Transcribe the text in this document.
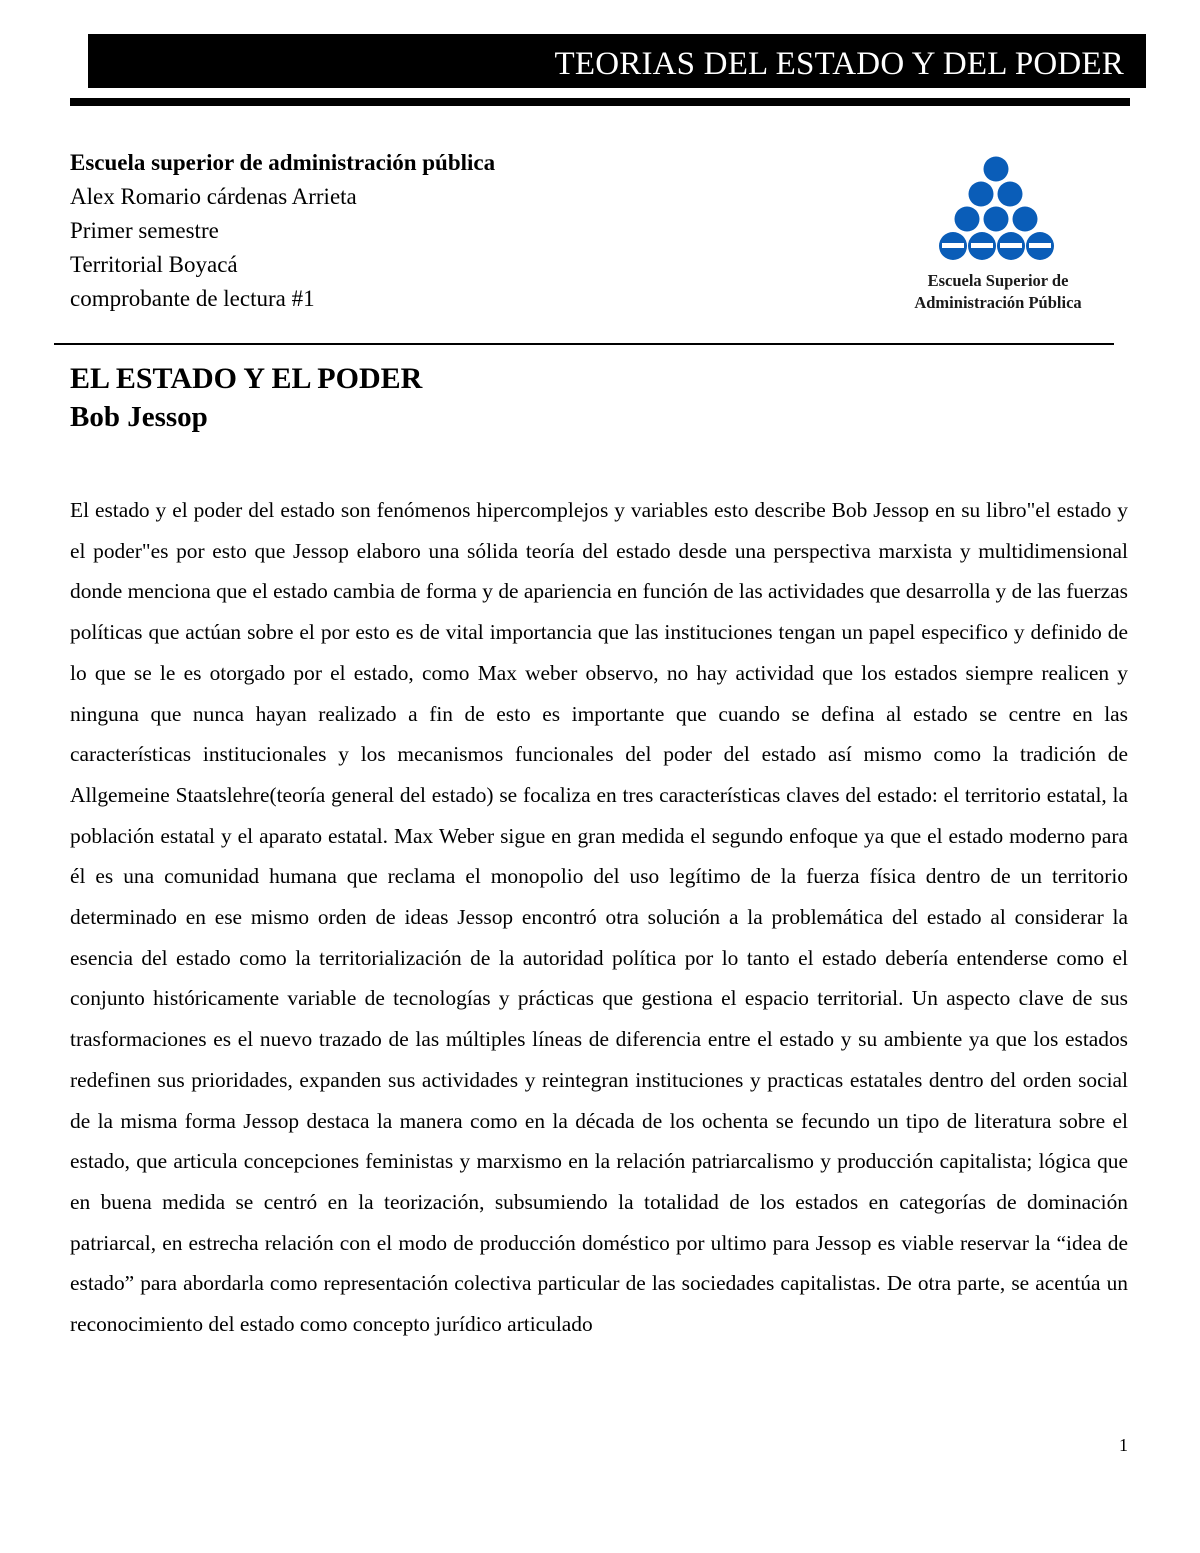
TEORIAS DEL ESTADO Y DEL PODER
Escuela superior de administración pública
Alex Romario cárdenas Arrieta
Primer semestre
Territorial Boyacá
comprobante de lectura #1
Escuela Superior de
Administración Pública
EL ESTADO Y EL PODER
Bob Jessop

El estado y el poder del estado son fenómenos hipercomplejos y variables esto describe Bob Jessop en su libro"el estado y el poder"es por esto que Jessop elaboro una sólida teoría del estado desde una perspectiva marxista y multidimensional donde menciona que el estado cambia de forma y de apariencia en función de las actividades que desarrolla y de las fuerzas políticas que actúan sobre el por esto es de vital importancia que las instituciones tengan un papel especifico y definido de lo que se le es otorgado por el estado, como Max weber observo, no hay actividad que los estados siempre realicen y ninguna que nunca hayan realizado a fin de esto es importante que cuando se defina al estado se centre en las características institucionales y los mecanismos funcionales del poder del estado así mismo como la tradición de Allgemeine Staatslehre(teoría general del estado) se focaliza en tres características claves del estado: el territorio estatal, la población estatal y el aparato estatal. Max Weber sigue en gran medida el segundo enfoque ya que el estado moderno para él es una comunidad humana que reclama el monopolio del uso legítimo de la fuerza física dentro de un territorio determinado en ese mismo orden de ideas Jessop encontró otra solución a la problemática del estado al considerar la esencia del estado como la territorialización de la autoridad política por lo tanto el estado debería entenderse como el conjunto históricamente variable de tecnologías y prácticas que gestiona el espacio territorial. Un aspecto clave de sus trasformaciones es el nuevo trazado de las múltiples líneas de diferencia entre el estado y su ambiente ya que los estados redefinen sus prioridades, expanden sus actividades y reintegran instituciones y practicas estatales dentro del orden social de la misma forma Jessop destaca la manera como en la década de los ochenta se fecundo un tipo de literatura sobre el estado, que articula concepciones feministas y marxismo en la relación patriarcalismo y producción capitalista; lógica que en buena medida se centró en la teorización, subsumiendo la totalidad de los estados en categorías de dominación patriarcal, en estrecha relación con el modo de producción doméstico por ultimo para Jessop es viable reservar la “idea de estado” para abordarla como representación colectiva particular de las sociedades capitalistas. De otra parte, se acentúa un reconocimiento del estado como concepto jurídico articulado

1
